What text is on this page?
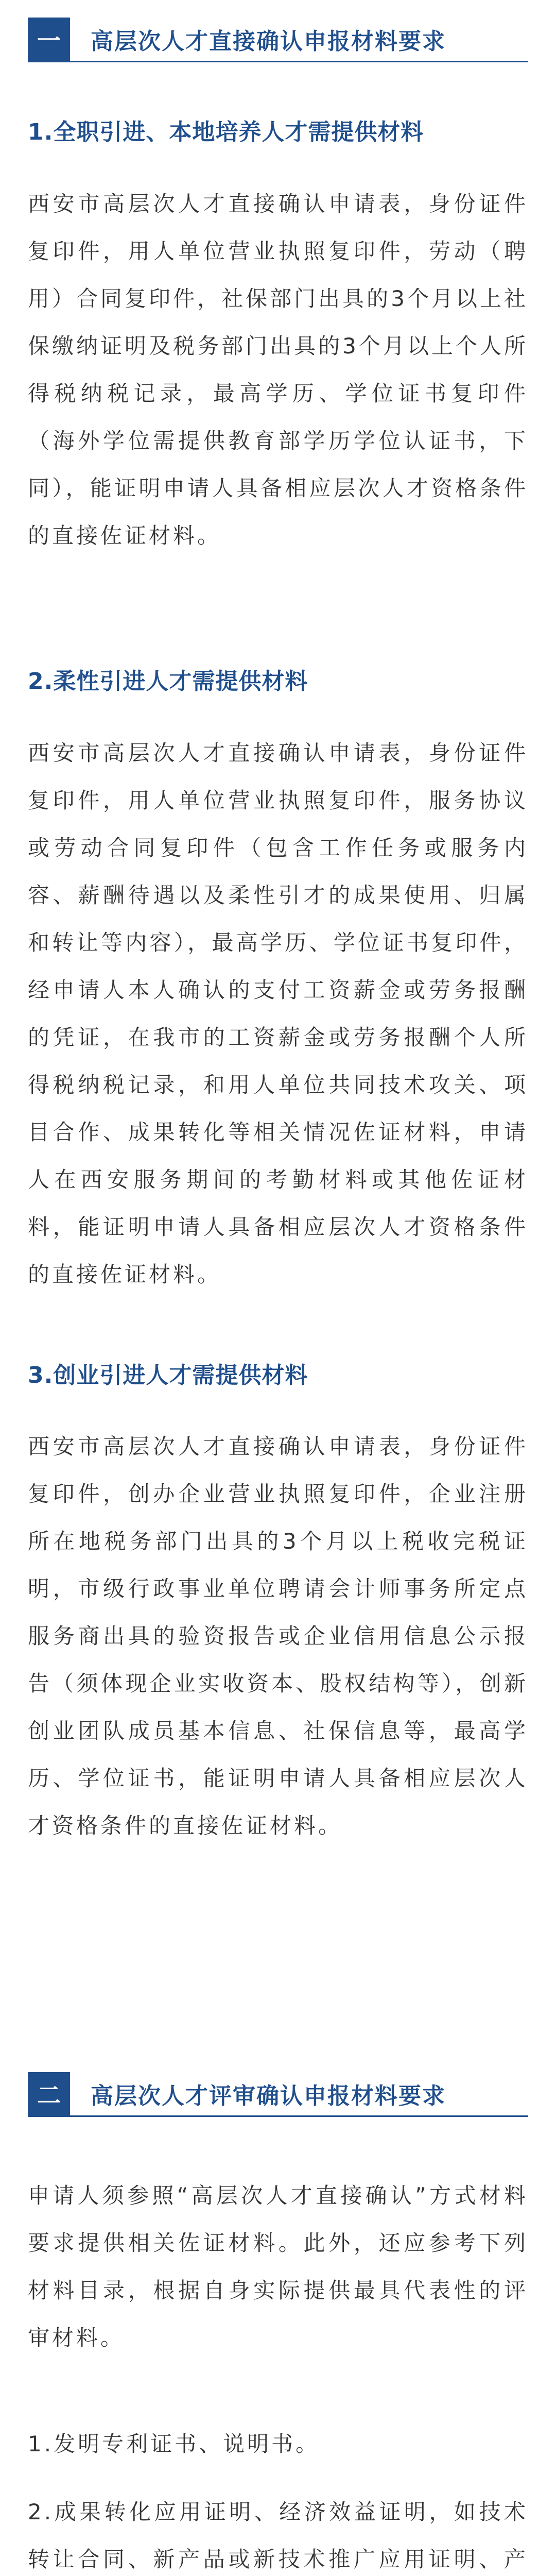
一	高层次人才直接确认申报材料要求
1.全职引进、本地培养人才需提供材料

西安市高层次人才直接确认申请表，身份证件复印件，用人单位营业执照复印件，劳动（聘用）合同复印件，社保部门出具的3个月以上社保缴纳证明及税务部门出具的3个月以上个人所得税纳税记录，最高学历、学位证书复印件（海外学位需提供教育部学历学位认证书，下同），能证明申请人具备相应层次人才资格条件的直接佐证材料。

2.柔性引进人才需提供材料

西安市高层次人才直接确认申请表，身份证件复印件，用人单位营业执照复印件，服务协议或劳动合同复印件（包含工作任务或服务内容、薪酬待遇以及柔性引才的成果使用、归属和转让等内容），最高学历、学位证书复印件，经申请人本人确认的支付工资薪金或劳务报酬的凭证，在我市的工资薪金或劳务报酬个人所得税纳税记录，和用人单位共同技术攻关、项目合作、成果转化等相关情况佐证材料，申请人在西安服务期间的考勤材料或其他佐证材料，能证明申请人具备相应层次人才资格条件的直接佐证材料。

3.创业引进人才需提供材料

西安市高层次人才直接确认申请表，身份证件复印件，创办企业营业执照复印件，企业注册所在地税务部门出具的3个月以上税收完税证明，市级行政事业单位聘请会计师事务所定点服务商出具的验资报告或企业信用信息公示报告（须体现企业实收资本、股权结构等），创新创业团队成员基本信息、社保信息等，最高学历、学位证书，能证明申请人具备相应层次人才资格条件的直接佐证材料。

二	高层次人才评审确认申报材料要求

申请人须参照“高层次人才直接确认”方式材料要求提供相关佐证材料。此外，还应参考下列材料目录，根据自身实际提供最具代表性的评审材料。

1.发明专利证书、说明书。

2.成果转化应用证明、经济效益证明，如技术转让合同、新产品或新技术推广应用证明、产
